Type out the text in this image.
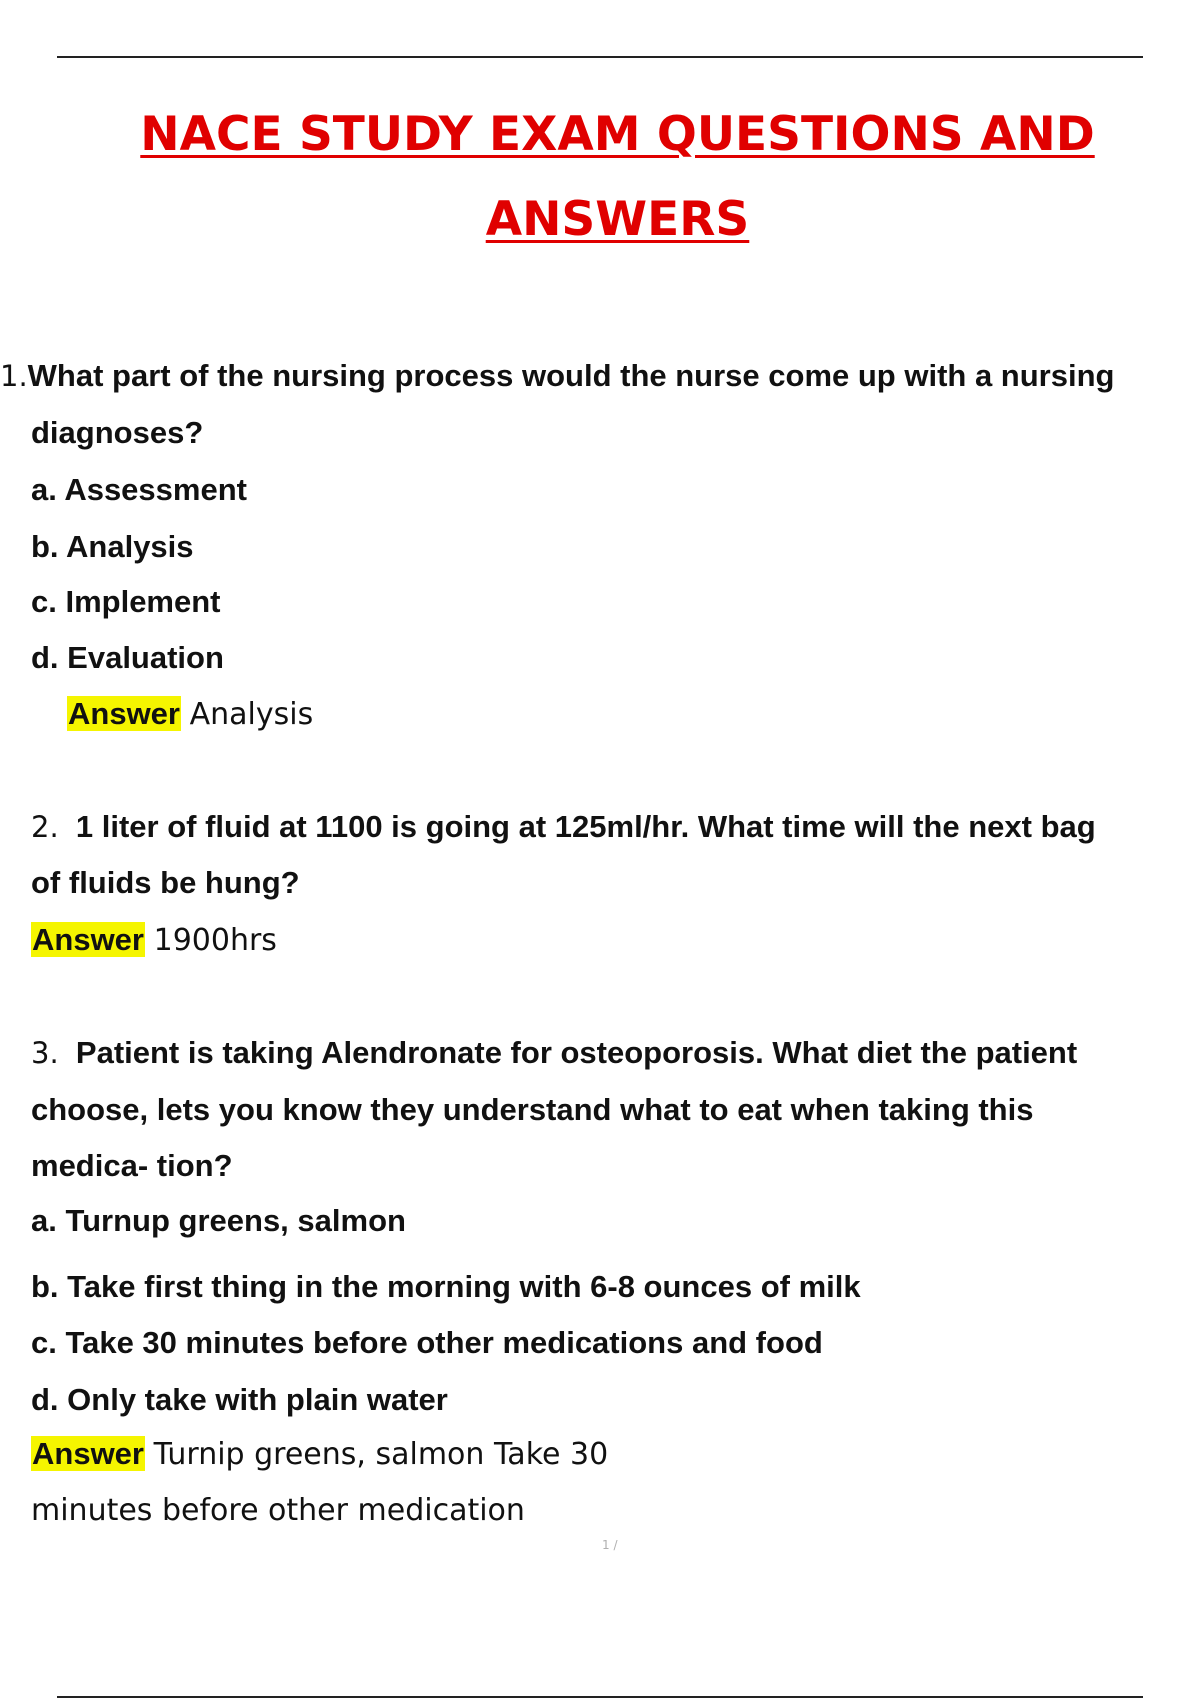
NACE STUDY EXAM QUESTIONS AND
ANSWERS
1.What part of the nursing process would the nurse come up with a nursing
diagnoses?
a. Assessment
b. Analysis
c. Implement
d. Evaluation
Answer Analysis
2. 1 liter of fluid at 1100 is going at 125ml/hr. What time will the next bag
of fluids be hung?
Answer 1900hrs
3. Patient is taking Alendronate for osteoporosis. What diet the patient
choose, lets you know they understand what to eat when taking this
medica- tion?
a. Turnup greens, salmon
b. Take first thing in the morning with 6-8 ounces of milk
c. Take 30 minutes before other medications and food
d. Only take with plain water
Answer Turnip greens, salmon Take 30
minutes before other medication
1 /
